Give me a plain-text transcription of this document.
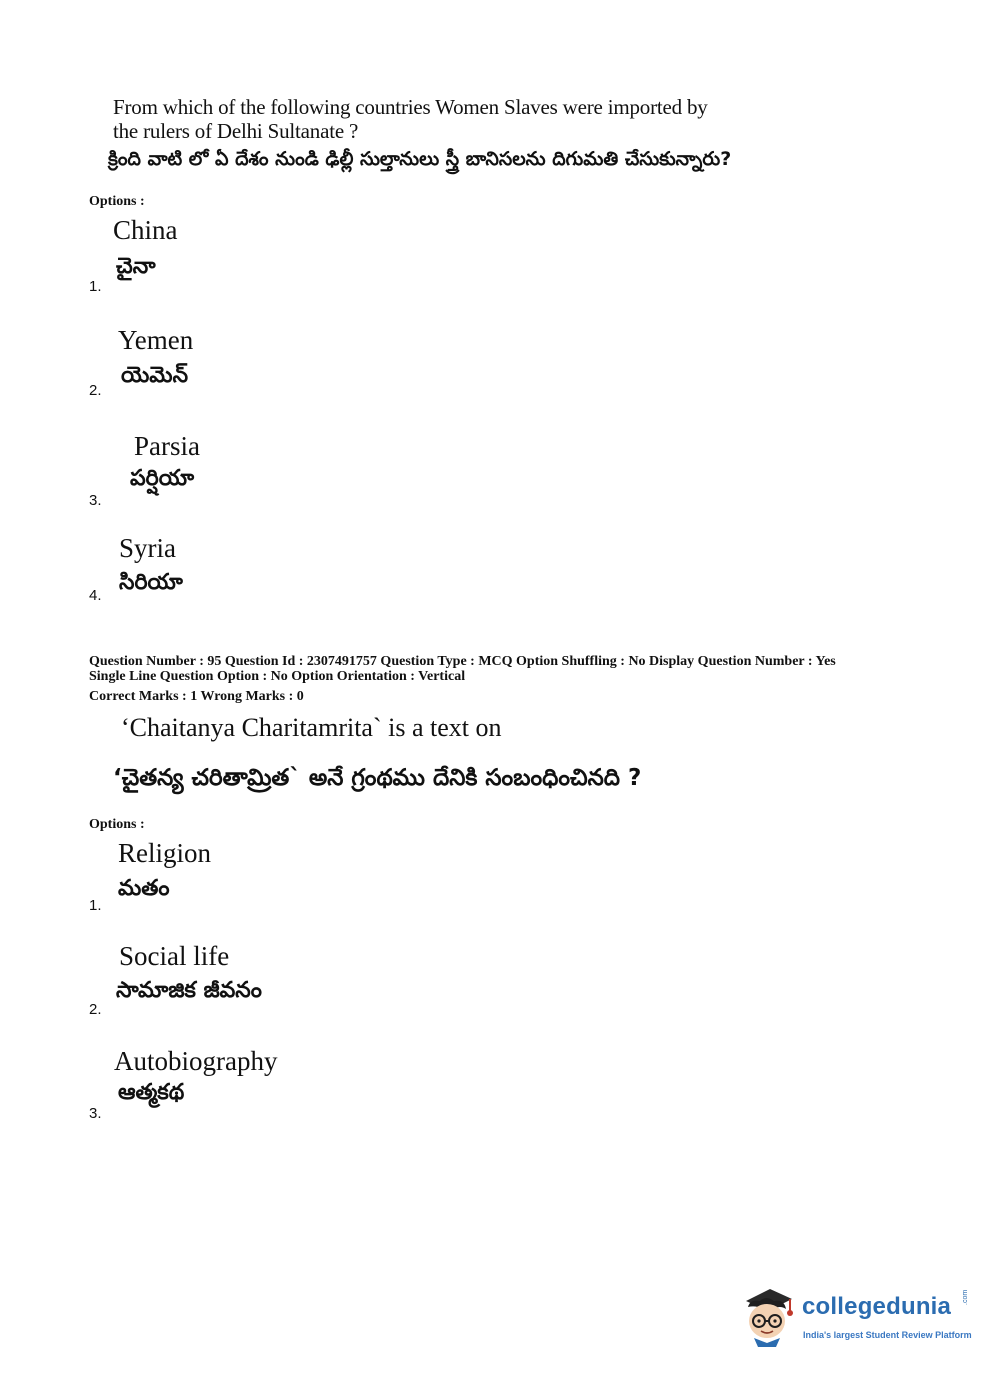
From which of the following countries Women Slaves were imported by
the rulers of Delhi Sultanate ?
క్రింది వాటి లో ఏ దేశం నుండి ఢిల్లీ సుల్తానులు స్త్రీ బానిసలను దిగుమతి చేసుకున్నారు?
Options :
China
చైనా
1.
Yemen
యెమెన్
2.
Parsia
పర్షియా
3.
Syria
సిరియా
4.
Question Number : 95 Question Id : 2307491757 Question Type : MCQ Option Shuffling : No Display Question Number : Yes
Single Line Question Option : No Option Orientation : Vertical
Correct Marks : 1 Wrong Marks : 0
‘Chaitanya Charitamrita` is a text on
‘చైతన్య చరితామ్రిత` అనే గ్రంథము దేనికి సంబంధించినది ?
Options :
Religion
మతం
1.
Social life
సామాజిక జీవనం
2.
Autobiography
ఆత్మకథ
3.
collegedunia .com
India's largest Student Review Platform
